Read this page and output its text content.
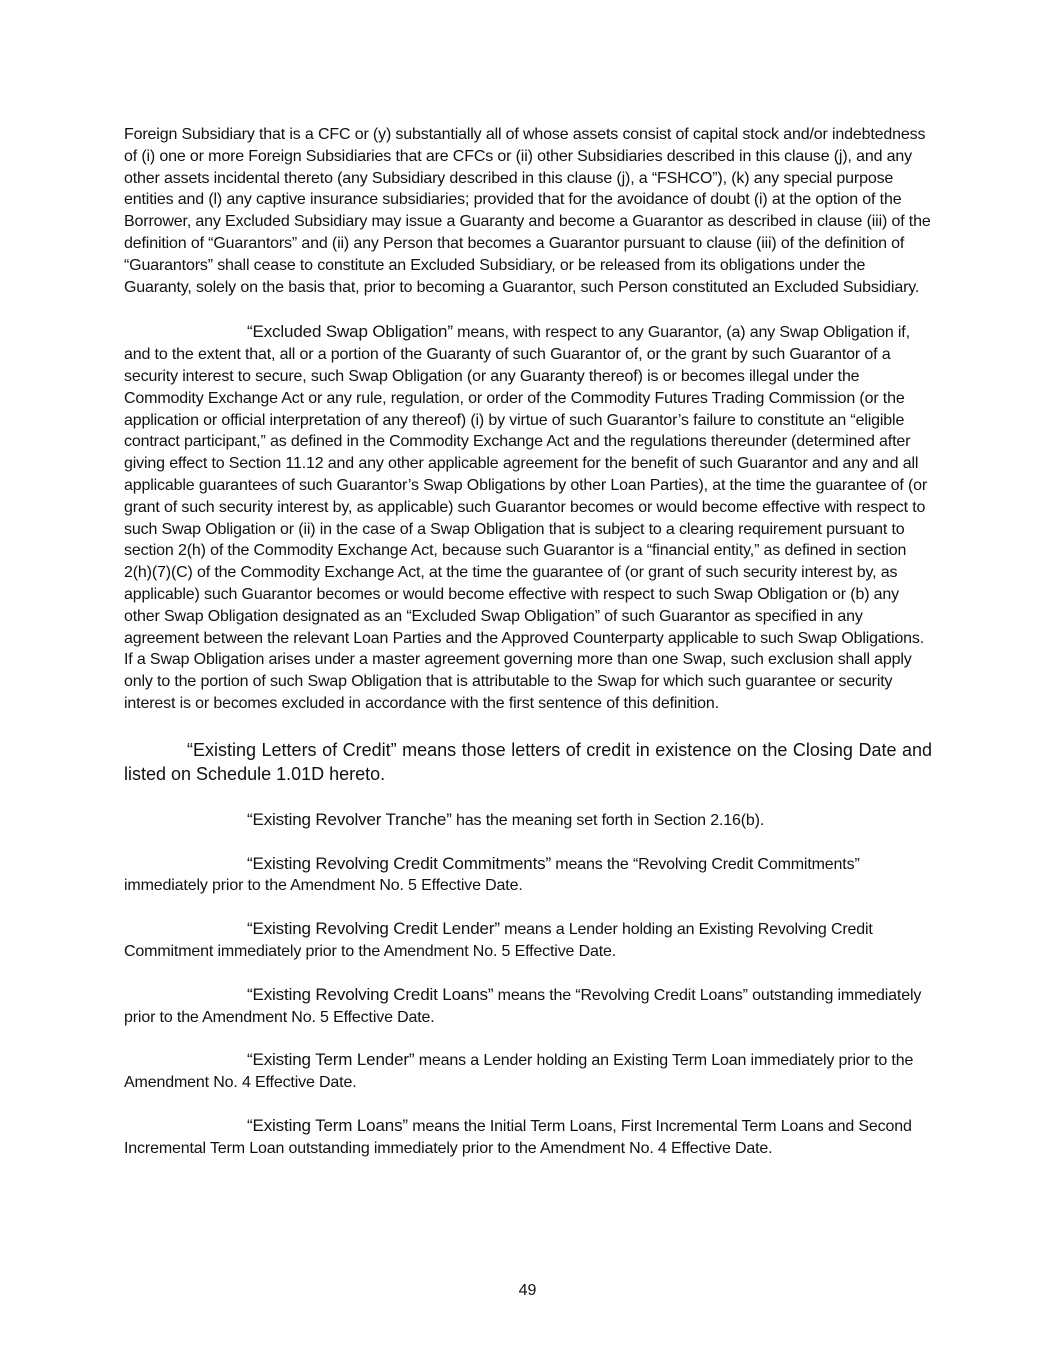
Foreign Subsidiary that is a CFC or (y) substantially all of whose assets consist of capital stock and/or indebtedness of (i) one or more Foreign Subsidiaries that are CFCs or (ii) other Subsidiaries described in this clause (j), and any other assets incidental thereto (any Subsidiary described in this clause (j), a “FSHCO”), (k) any special purpose entities and (l) any captive insurance subsidiaries; provided that for the avoidance of doubt (i) at the option of the Borrower, any Excluded Subsidiary may issue a Guaranty and become a Guarantor as described in clause (iii) of the definition of “Guarantors” and (ii) any Person that becomes a Guarantor pursuant to clause (iii) of the definition of “Guarantors” shall cease to constitute an Excluded Subsidiary, or be released from its obligations under the Guaranty, solely on the basis that, prior to becoming a Guarantor, such Person constituted an Excluded Subsidiary.

“Excluded Swap Obligation” means, with respect to any Guarantor, (a) any Swap Obligation if, and to the extent that, all or a portion of the Guaranty of such Guarantor of, or the grant by such Guarantor of a security interest to secure, such Swap Obligation (or any Guaranty thereof) is or becomes illegal under the Commodity Exchange Act or any rule, regulation, or order of the Commodity Futures Trading Commission (or the application or official interpretation of any thereof) (i) by virtue of such Guarantor’s failure to constitute an “eligible contract participant,” as defined in the Commodity Exchange Act and the regulations thereunder (determined after giving effect to Section 11.12 and any other applicable agreement for the benefit of such Guarantor and any and all applicable guarantees of such Guarantor’s Swap Obligations by other Loan Parties), at the time the guarantee of (or grant of such security interest by, as applicable) such Guarantor becomes or would become effective with respect to such Swap Obligation or (ii) in the case of a Swap Obligation that is subject to a clearing requirement pursuant to section 2(h) of the Commodity Exchange Act, because such Guarantor is a “financial entity,” as defined in section 2(h)(7)(C) of the Commodity Exchange Act, at the time the guarantee of (or grant of such security interest by, as applicable) such Guarantor becomes or would become effective with respect to such Swap Obligation or (b) any other Swap Obligation designated as an “Excluded Swap Obligation” of such Guarantor as specified in any agreement between the relevant Loan Parties and the Approved Counterparty applicable to such Swap Obligations. If a Swap Obligation arises under a master agreement governing more than one Swap, such exclusion shall apply only to the portion of such Swap Obligation that is attributable to the Swap for which such guarantee or security interest is or becomes excluded in accordance with the first sentence of this definition.

“Existing Letters of Credit” means those letters of credit in existence on the Closing Date and listed on Schedule 1.01D hereto.

“Existing Revolver Tranche” has the meaning set forth in Section 2.16(b).

“Existing Revolving Credit Commitments” means the “Revolving Credit Commitments” immediately prior to the Amendment No. 5 Effective Date.

“Existing Revolving Credit Lender” means a Lender holding an Existing Revolving Credit Commitment immediately prior to the Amendment No. 5 Effective Date.

“Existing Revolving Credit Loans” means the “Revolving Credit Loans” outstanding immediately prior to the Amendment No. 5 Effective Date.

“Existing Term Lender” means a Lender holding an Existing Term Loan immediately prior to the Amendment No. 4 Effective Date.

“Existing Term Loans” means the Initial Term Loans, First Incremental Term Loans and Second Incremental Term Loan outstanding immediately prior to the Amendment No. 4 Effective Date.

49
